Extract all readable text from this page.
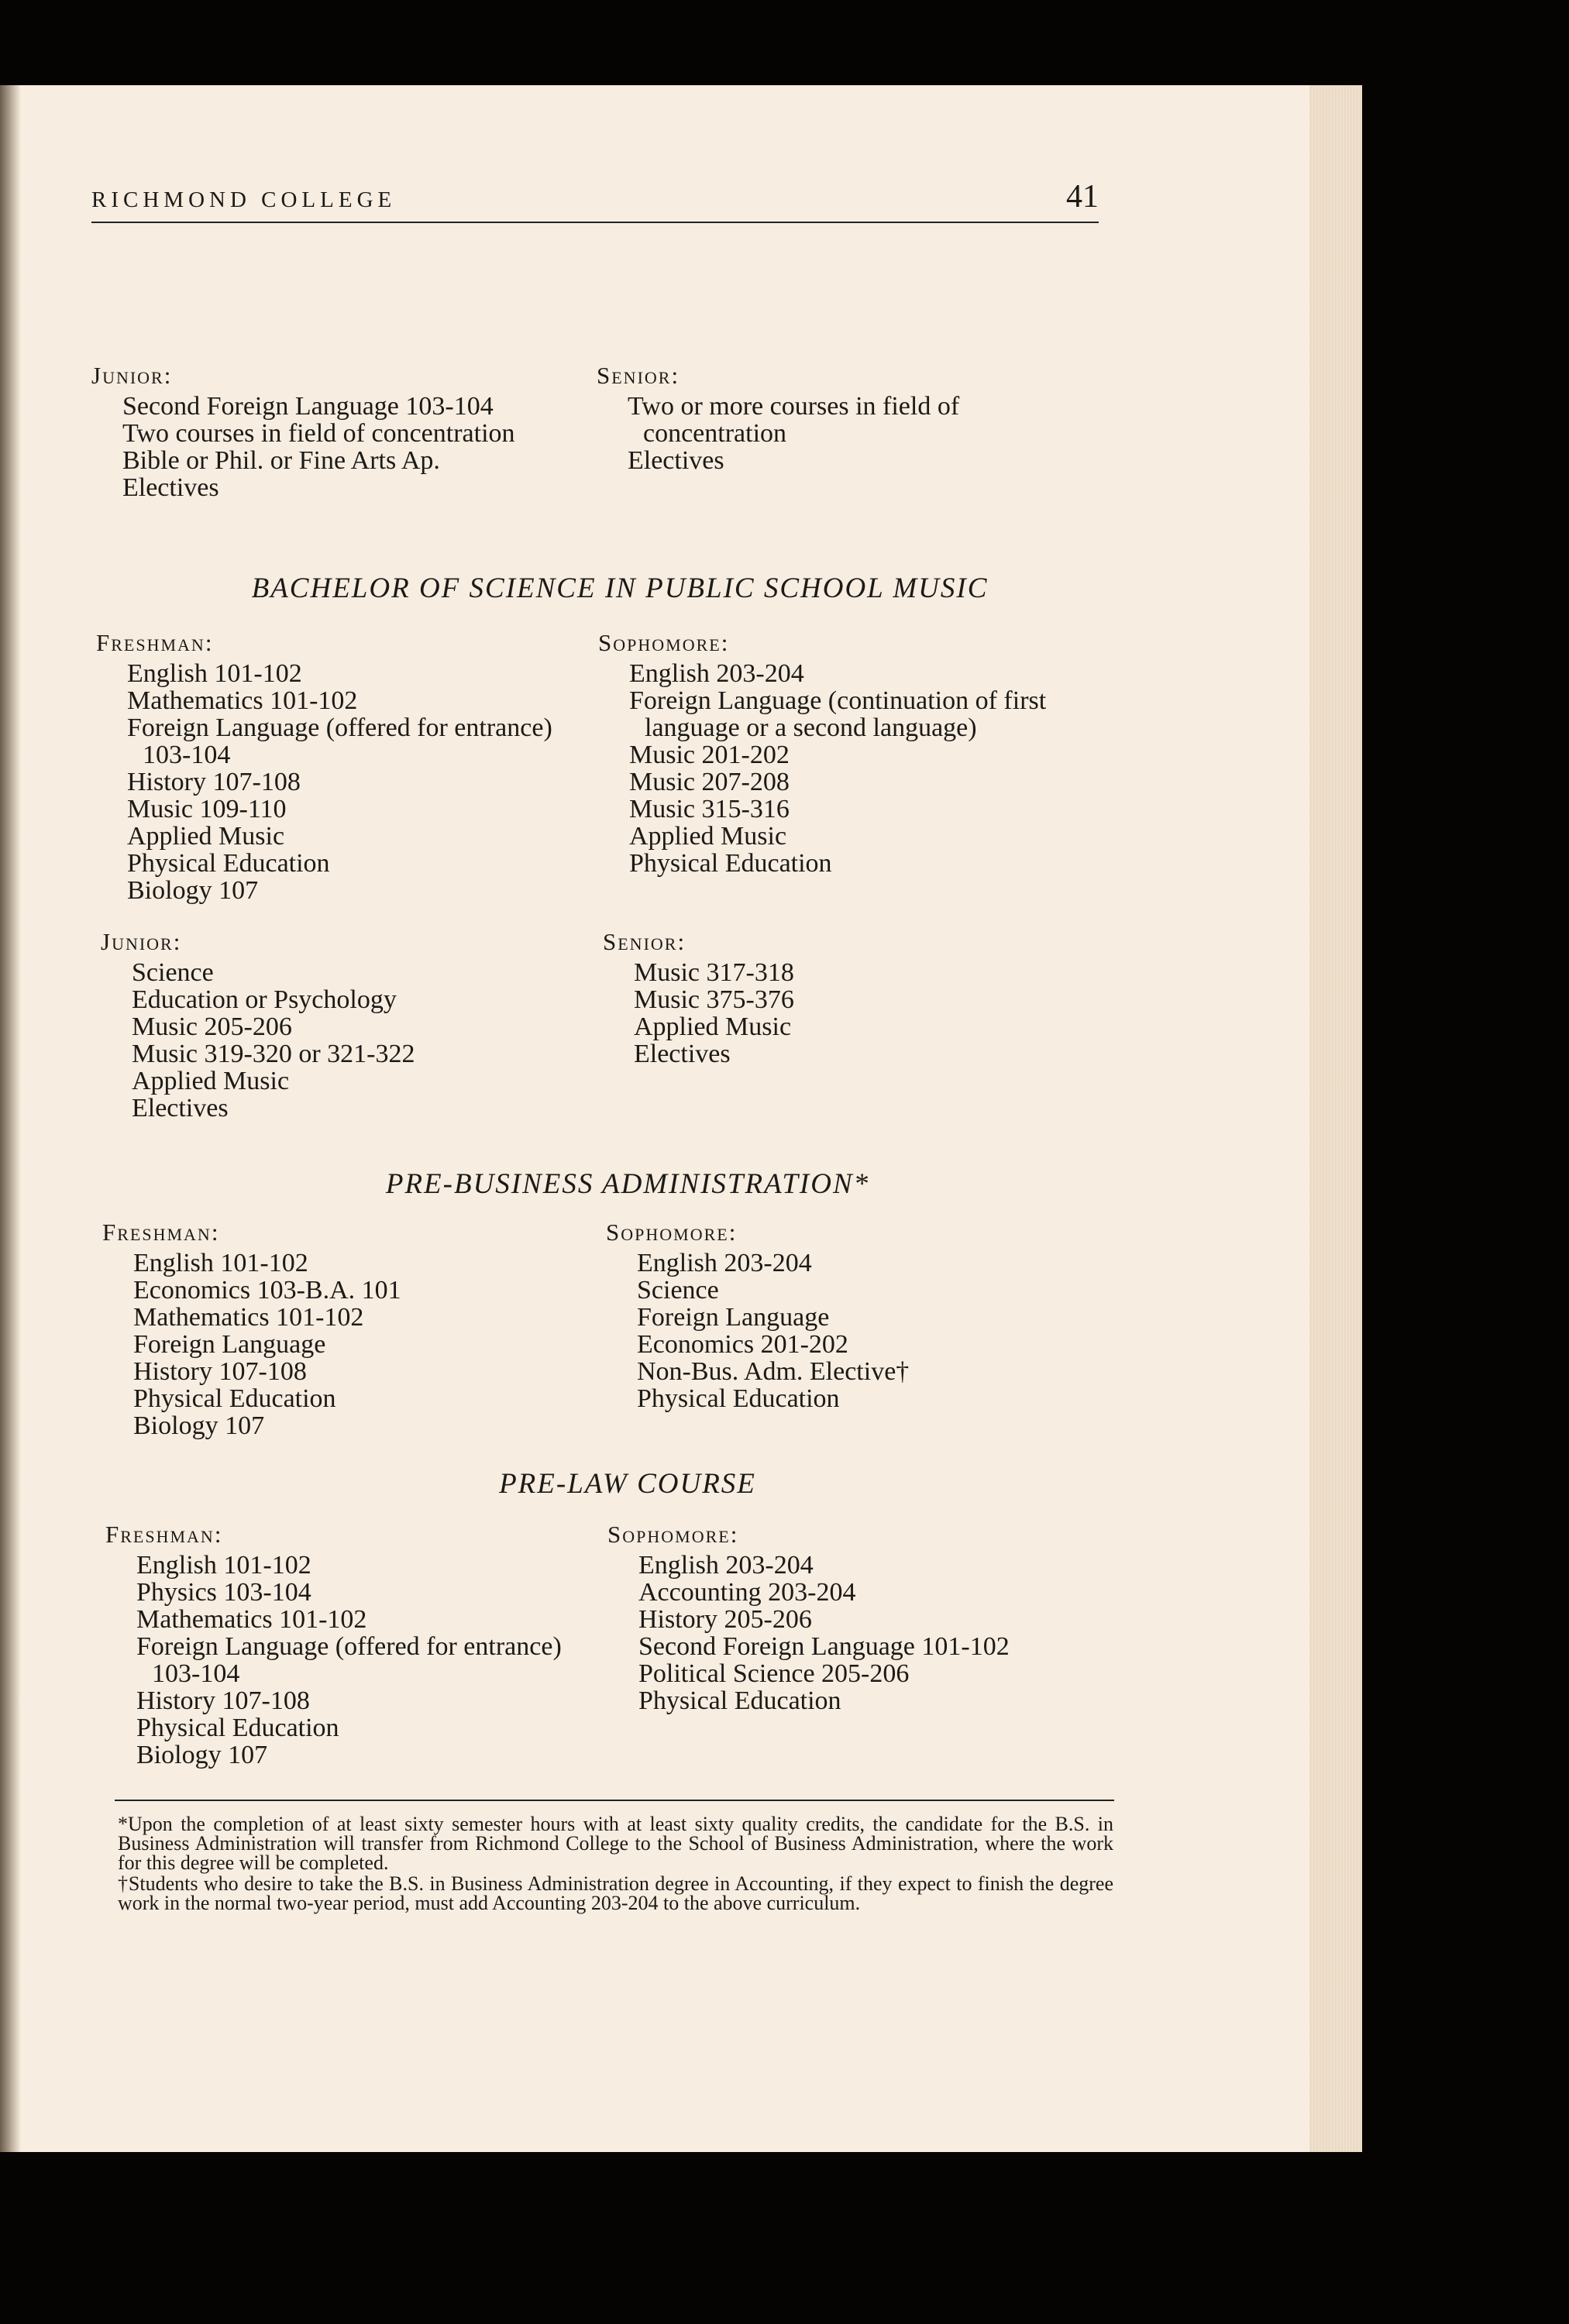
RICHMOND COLLEGE	41
Junior:
Second Foreign Language 103-104
Two courses in field of concentration
Bible or Phil. or Fine Arts Ap.
Electives
Senior:
Two or more courses in field of concentration
Electives
BACHELOR OF SCIENCE IN PUBLIC SCHOOL MUSIC
Freshman:
English 101-102
Mathematics 101-102
Foreign Language (offered for entrance) 103-104
History 107-108
Music 109-110
Applied Music
Physical Education
Biology 107
Sophomore:
English 203-204
Foreign Language (continuation of first language or a second language)
Music 201-202
Music 207-208
Music 315-316
Applied Music
Physical Education
Junior:
Science
Education or Psychology
Music 205-206
Music 319-320 or 321-322
Applied Music
Electives
Senior:
Music 317-318
Music 375-376
Applied Music
Electives
PRE-BUSINESS ADMINISTRATION*
Freshman:
English 101-102
Economics 103-B.A. 101
Mathematics 101-102
Foreign Language
History 107-108
Physical Education
Biology 107
Sophomore:
English 203-204
Science
Foreign Language
Economics 201-202
Non-Bus. Adm. Elective†
Physical Education
PRE-LAW COURSE
Freshman:
English 101-102
Physics 103-104
Mathematics 101-102
Foreign Language (offered for entrance) 103-104
History 107-108
Physical Education
Biology 107
Sophomore:
English 203-204
Accounting 203-204
History 205-206
Second Foreign Language 101-102
Political Science 205-206
Physical Education

*Upon the completion of at least sixty semester hours with at least sixty quality credits, the candidate for the B.S. in Business Administration will transfer from Richmond College to the School of Business Administration, where the work for this degree will be completed.

†Students who desire to take the B.S. in Business Administration degree in Accounting, if they expect to finish the degree work in the normal two-year period, must add Accounting 203-204 to the above curriculum.
